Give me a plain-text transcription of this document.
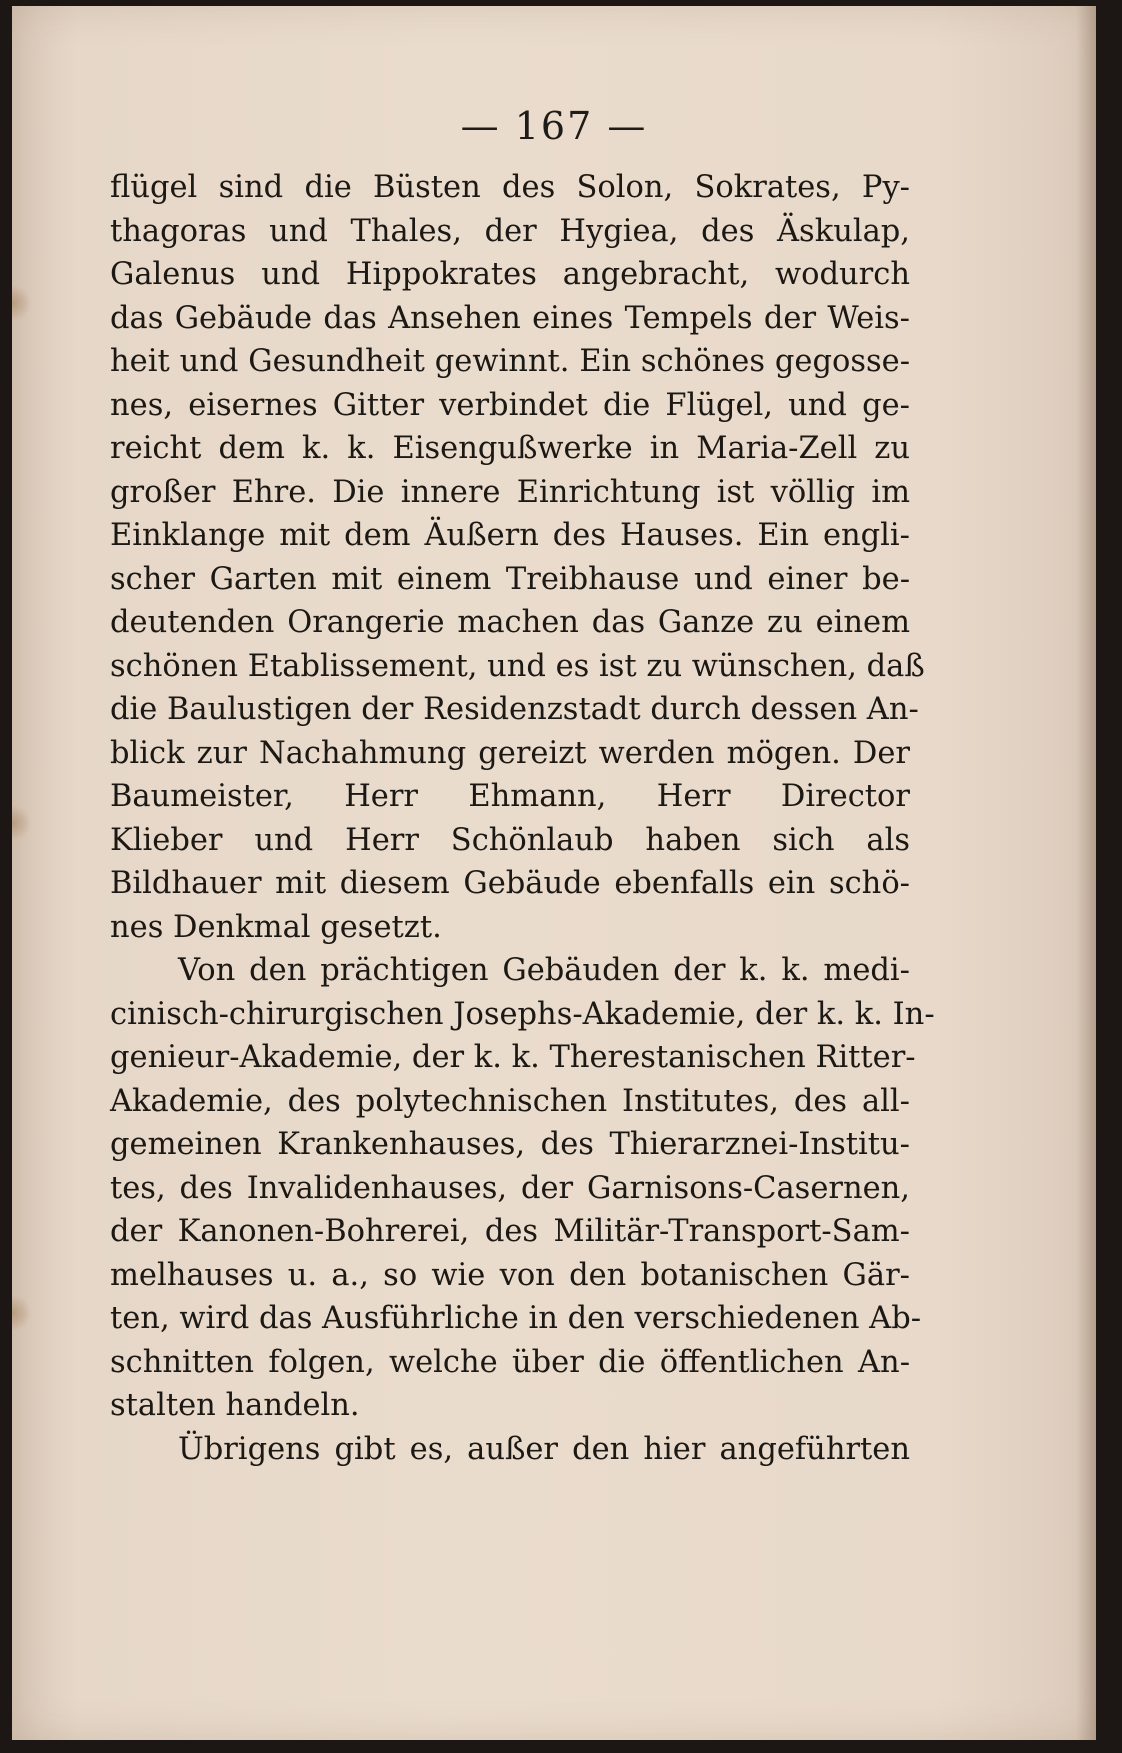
— 167 —
flügel sind die Büsten des Solon, Sokrates, Py-
thagoras und Thales, der Hygiea, des Äskulap,
Galenus und Hippokrates angebracht, wodurch
das Gebäude das Ansehen eines Tempels der Weis-
heit und Gesundheit gewinnt. Ein schönes gegosse-
nes, eisernes Gitter verbindet die Flügel, und ge-
reicht dem k. k. Eisengußwerke in Maria-Zell zu
großer Ehre. Die innere Einrichtung ist völlig im
Einklange mit dem Äußern des Hauses. Ein engli-
scher Garten mit einem Treibhause und einer be-
deutenden Orangerie machen das Ganze zu einem
schönen Etablissement, und es ist zu wünschen, daß
die Baulustigen der Residenzstadt durch dessen An-
blick zur Nachahmung gereizt werden mögen. Der
Baumeister, Herr Ehmann, Herr Director
Klieber und Herr Schönlaub haben sich als
Bildhauer mit diesem Gebäude ebenfalls ein schö-
nes Denkmal gesetzt.
Von den prächtigen Gebäuden der k. k. medi-
cinisch-chirurgischen Josephs-Akademie, der k. k. In-
genieur-Akademie, der k. k. Therestanischen Ritter-
Akademie, des polytechnischen Institutes, des all-
gemeinen Krankenhauses, des Thierarznei-Institu-
tes, des Invalidenhauses, der Garnisons-Casernen,
der Kanonen-Bohrerei, des Militär-Transport-Sam-
melhauses u. a., so wie von den botanischen Gär-
ten, wird das Ausführliche in den verschiedenen Ab-
schnitten folgen, welche über die öffentlichen An-
stalten handeln.
Übrigens gibt es, außer den hier angeführten
